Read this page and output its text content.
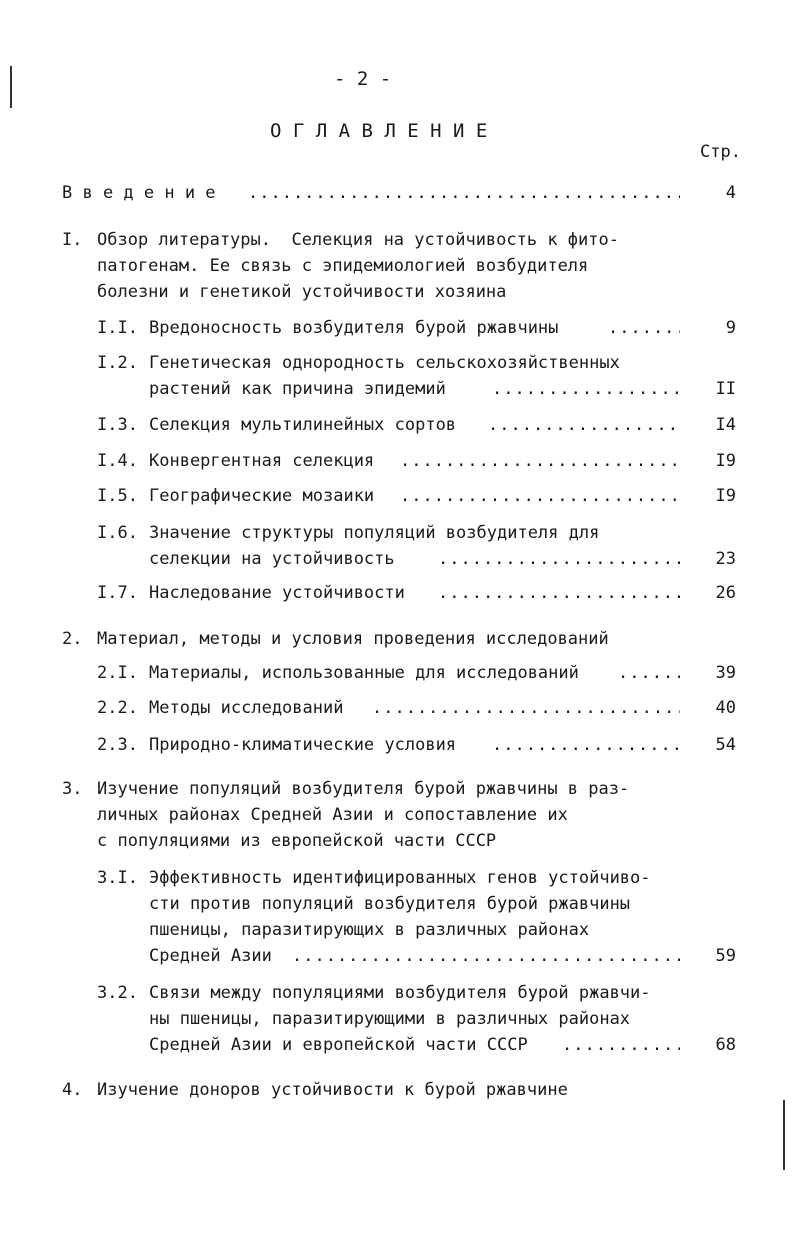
- 2 -
О Г Л А В Л Е Н И Е
Стр.
В в е д е н и е .....	4
I. Обзор литературы.  Селекция на устойчивость к фито-
патогенам. Ее связь с эпидемиологией возбудителя
болезни и генетикой устойчивости хозяина
I.I. Вредоносность возбудителя бурой ржавчины .....	9
I.2. Генетическая однородность сельскохозяйственных
растений как причина эпидемий .....	II
I.3. Селекция мультилинейных сортов .....	I4
I.4. Конвергентная селекция .....	I9
I.5. Географические мозаики .....	I9
I.6. Значение структуры популяций возбудителя для
селекции на устойчивость .....	23
I.7. Наследование устойчивости .....	26
2. Материал, методы и условия проведения исследований
2.I. Материалы, использованные для исследований .....	39
2.2. Методы исследований .....	40
2.3. Природно-климатические условия .....	54
3. Изучение популяций возбудителя бурой ржавчины в раз-
личных районах Средней Азии и сопоставление их
с популяциями из европейской части СССР
3.I. Эффективность идентифицированных генов устойчиво-
сти против популяций возбудителя бурой ржавчины
пшеницы, паразитирующих в различных районах
Средней Азии .....	59
3.2. Связи между популяциями возбудителя бурой ржавчи-
ны пшеницы, паразитирующими в различных районах
Средней Азии и европейской части СССР .....	68
4. Изучение доноров устойчивости к бурой ржавчине
